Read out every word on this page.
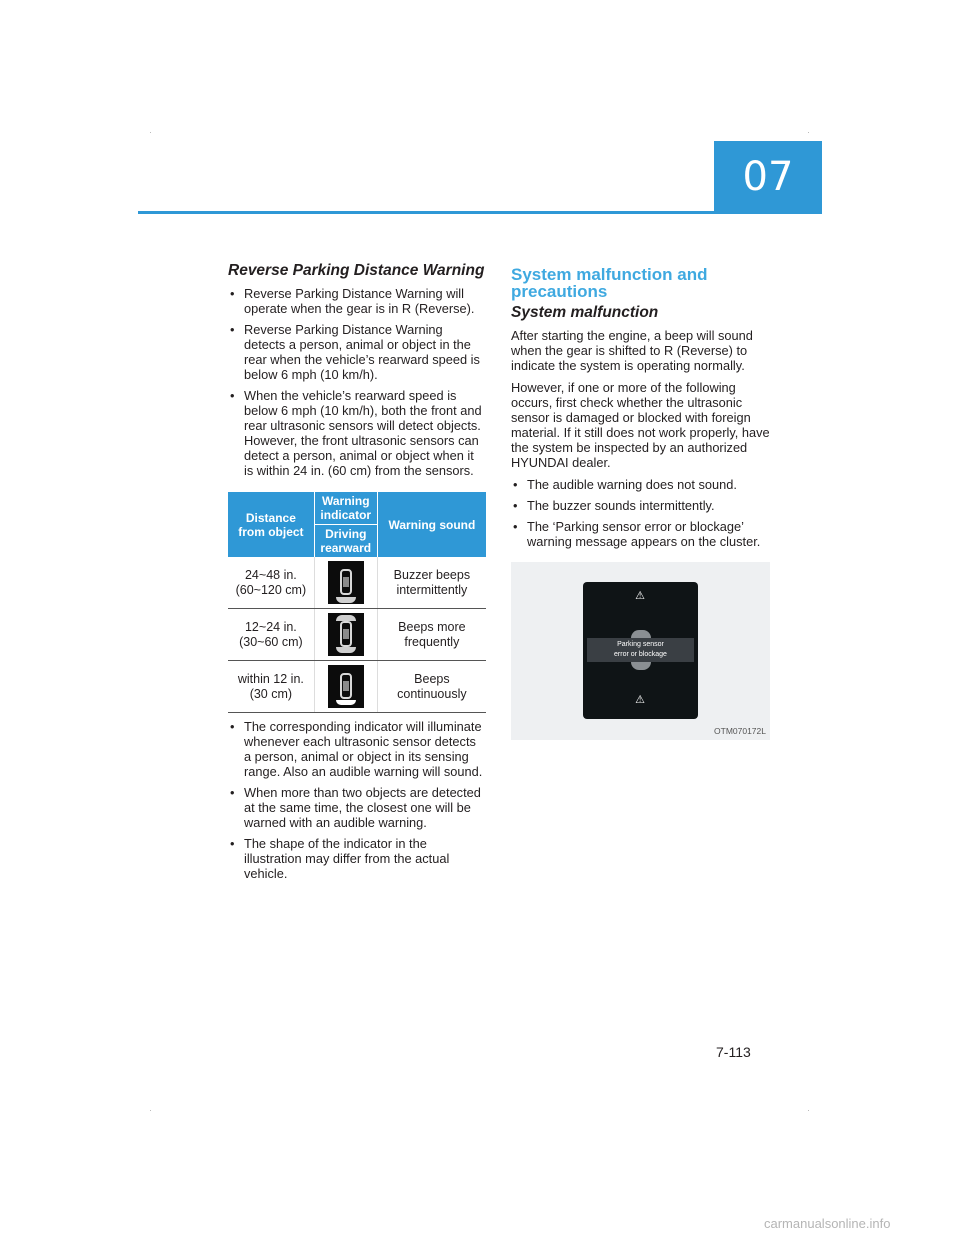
07
Reverse Parking Distance Warning
• Reverse Parking Distance Warning will operate when the gear is in R (Reverse).
• Reverse Parking Distance Warning detects a person, animal or object in the rear when the vehicle’s rearward speed is below 6 mph (10 km/h).
• When the vehicle’s rearward speed is below 6 mph (10 km/h), both the front and rear ultrasonic sensors will detect objects. However, the front ultrasonic sensors can detect a person, animal or object when it is within 24 in. (60 cm) from the sensors.
Distance from object	Warning indicator	Warning sound
	Driving rearward	
24~48 in. (60~120 cm)		Buzzer beeps intermittently
12~24 in. (30~60 cm)		Beeps more frequently
within 12 in. (30 cm)		Beeps continuously
• The corresponding indicator will illuminate whenever each ultrasonic sensor detects a person, animal or object in its sensing range. Also an audible warning will sound.
• When more than two objects are detected at the same time, the closest one will be warned with an audible warning.
• The shape of the indicator in the illustration may differ from the actual vehicle.
System malfunction and precautions
System malfunction

After starting the engine, a beep will sound when the gear is shifted to R (Reverse) to indicate the system is operating normally.

However, if one or more of the following occurs, first check whether the ultrasonic sensor is damaged or blocked with foreign material. If it still does not work properly, have the system be inspected by an authorized HYUNDAI dealer.

• The audible warning does not sound.
• The buzzer sounds intermittently.
• The ‘Parking sensor error or blockage’ warning message appears on the cluster.
⚠
Parking sensor
error or blockage
⚠
OTM070172L
7-113
carmanualsonline.info
